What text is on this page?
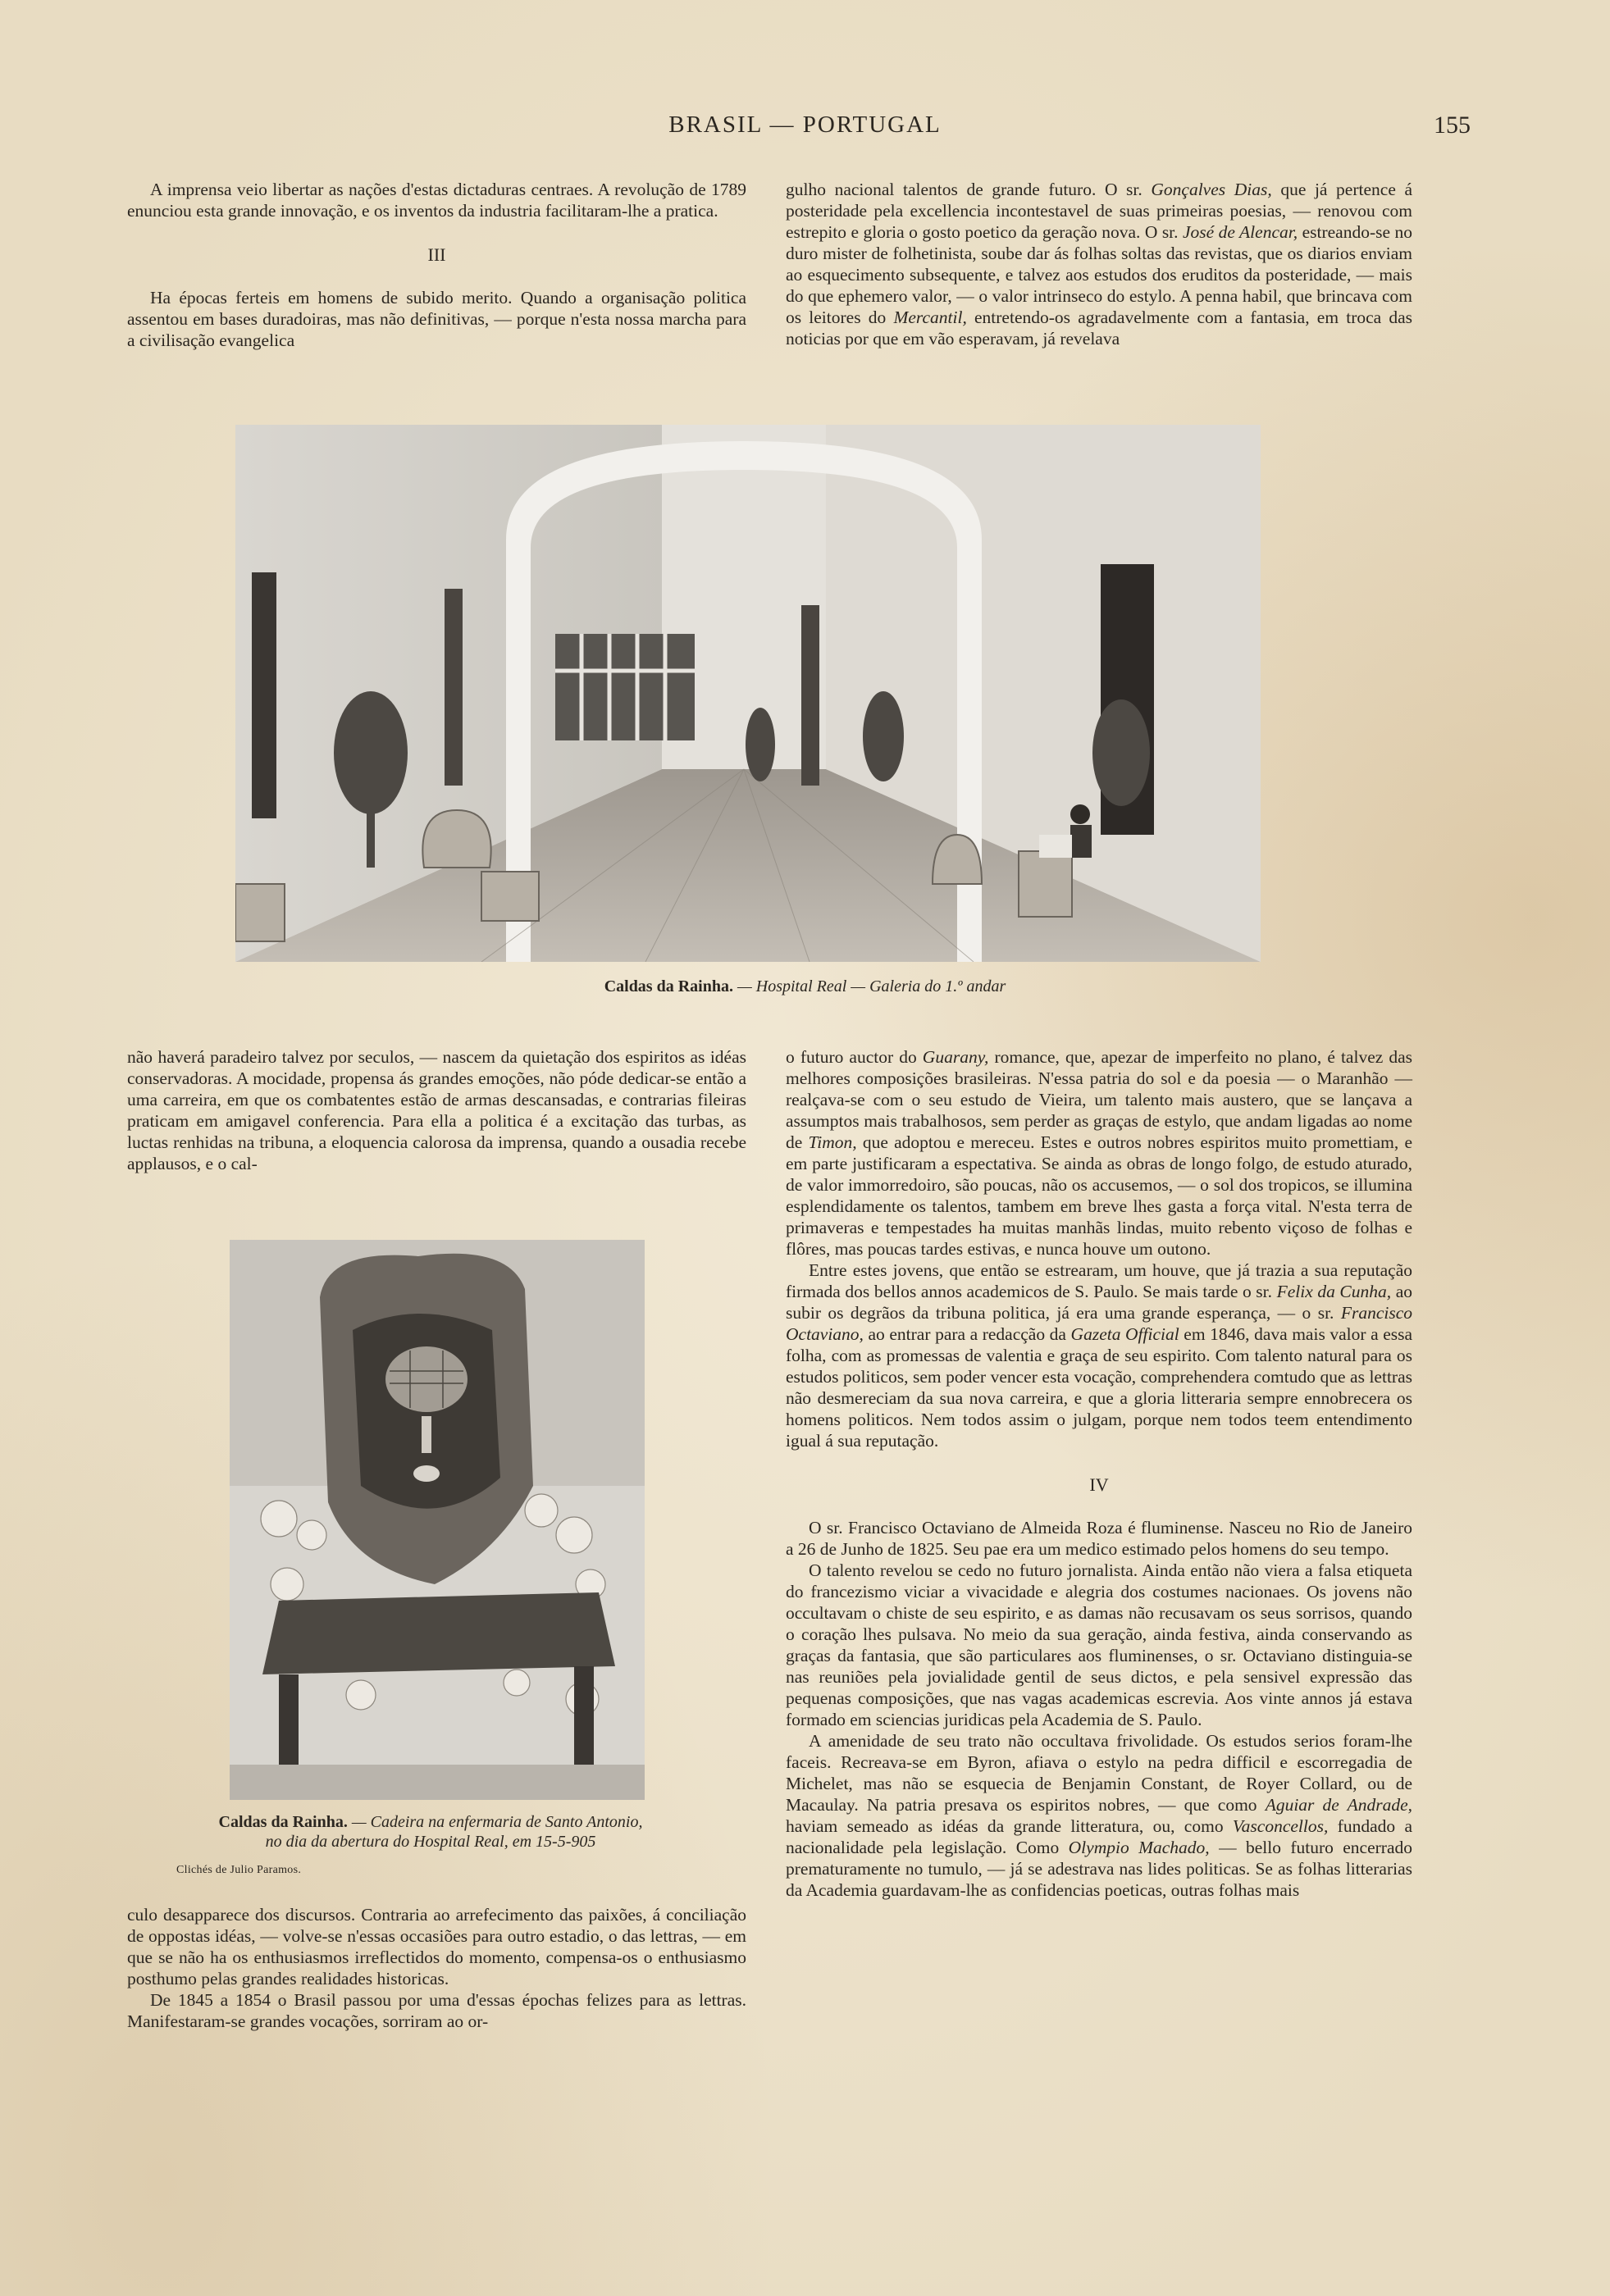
BRASIL — PORTUGAL	155

A imprensa veio libertar as nações d'estas dictaduras centraes. A revolução de 1789 enunciou esta grande innovação, e os inventos da industria facilitaram-lhe a pratica.

III

Ha épocas ferteis em homens de subido merito. Quando a organisação politica assentou em bases duradoiras, mas não definitivas, — porque n'esta nossa marcha para a civilisação evangelica

gulho nacional talentos de grande futuro. O sr. Gonçalves Dias, que já pertence á posteridade pela excellencia incontestavel de suas primeiras poesias, — renovou com estrepito e gloria o gosto poetico da geração nova. O sr. José de Alencar, estreando-se no duro mister de folhetinista, soube dar ás folhas soltas das revistas, que os diarios enviam ao esquecimento subsequente, e talvez aos estudos dos eruditos da posteridade, — mais do que ephemero valor, — o valor intrinseco do estylo. A penna habil, que brincava com os leitores do Mercantil, entretendo-os agradavelmente com a fantasia, em troca das noticias por que em vão esperavam, já revelava

Caldas da Rainha. — Hospital Real — Galeria do 1.º andar

não haverá paradeiro talvez por seculos, — nascem da quietação dos espiritos as idéas conservadoras. A mocidade, propensa ás grandes emoções, não póde dedicar-se então a uma carreira, em que os combatentes estão de armas descansadas, e contrarias fileiras praticam em amigavel conferencia. Para ella a politica é a excitação das turbas, as luctas renhidas na tribuna, a eloquencia calorosa da imprensa, quando a ousadia recebe applausos, e o cal-

Caldas da Rainha. — Cadeira na enfermaria de Santo Antonio,
no dia da abertura do Hospital Real, em 15-5-905
Clichés de Julio Paramos.

culo desapparece dos discursos. Contraria ao arrefecimento das paixões, á conciliação de oppostas idéas, — volve-se n'essas occasiões para outro estadio, o das lettras, — em que se não ha os enthusiasmos irreflectidos do momento, compensa-os o enthusiasmo posthumo pelas grandes realidades historicas.

De 1845 a 1854 o Brasil passou por uma d'essas épochas felizes para as lettras. Manifestaram-se grandes vocações, sorriram ao or-

o futuro auctor do Guarany, romance, que, apezar de imperfeito no plano, é talvez das melhores composições brasileiras. N'essa patria do sol e da poesia — o Maranhão — realçava-se com o seu estudo de Vieira, um talento mais austero, que se lançava a assumptos mais trabalhosos, sem perder as graças de estylo, que andam ligadas ao nome de Timon, que adoptou e mereceu. Estes e outros nobres espiritos muito promettiam, e em parte justificaram a espectativa. Se ainda as obras de longo folgo, de estudo aturado, de valor immorredoiro, são poucas, não os accusemos, — o sol dos tropicos, se illumina esplendidamente os talentos, tambem em breve lhes gasta a força vital. N'esta terra de primaveras e tempestades ha muitas manhãs lindas, muito rebento viçoso de folhas e flôres, mas poucas tardes estivas, e nunca houve um outono.

Entre estes jovens, que então se estrearam, um houve, que já trazia a sua reputação firmada dos bellos annos academicos de S. Paulo. Se mais tarde o sr. Felix da Cunha, ao subir os degrãos da tribuna politica, já era uma grande esperança, — o sr. Francisco Octaviano, ao entrar para a redacção da Gazeta Official em 1846, dava mais valor a essa folha, com as promessas de valentia e graça de seu espirito. Com talento natural para os estudos politicos, sem poder vencer esta vocação, comprehendera comtudo que as lettras não desmereciam da sua nova carreira, e que a gloria litteraria sempre ennobrecera os homens politicos. Nem todos assim o julgam, porque nem todos teem entendimento igual á sua reputação.

IV

O sr. Francisco Octaviano de Almeida Roza é fluminense. Nasceu no Rio de Janeiro a 26 de Junho de 1825. Seu pae era um medico estimado pelos homens do seu tempo.

O talento revelou se cedo no futuro jornalista. Ainda então não viera a falsa etiqueta do francezismo viciar a vivacidade e alegria dos costumes nacionaes. Os jovens não occultavam o chiste de seu espirito, e as damas não recusavam os seus sorrisos, quando o coração lhes pulsava. No meio da sua geração, ainda festiva, ainda conservando as graças da fantasia, que são particulares aos fluminenses, o sr. Octaviano distinguia-se nas reuniões pela jovialidade gentil de seus dictos, e pela sensivel expressão das pequenas composições, que nas vagas academicas escrevia. Aos vinte annos já estava formado em sciencias juridicas pela Academia de S. Paulo.

A amenidade de seu trato não occultava frivolidade. Os estudos serios foram-lhe faceis. Recreava-se em Byron, afiava o estylo na pedra difficil e escorregadia de Michelet, mas não se esquecia de Benjamin Constant, de Royer Collard, ou de Macaulay. Na patria presava os espiritos nobres, — que como Aguiar de Andrade, haviam semeado as idéas da grande litteratura, ou, como Vasconcellos, fundado a nacionalidade pela legislação. Como Olympio Machado, — bello futuro encerrado prematuramente no tumulo, — já se adestrava nas lides politicas. Se as folhas litterarias da Academia guardavam-lhe as confidencias poeticas, outras folhas mais
